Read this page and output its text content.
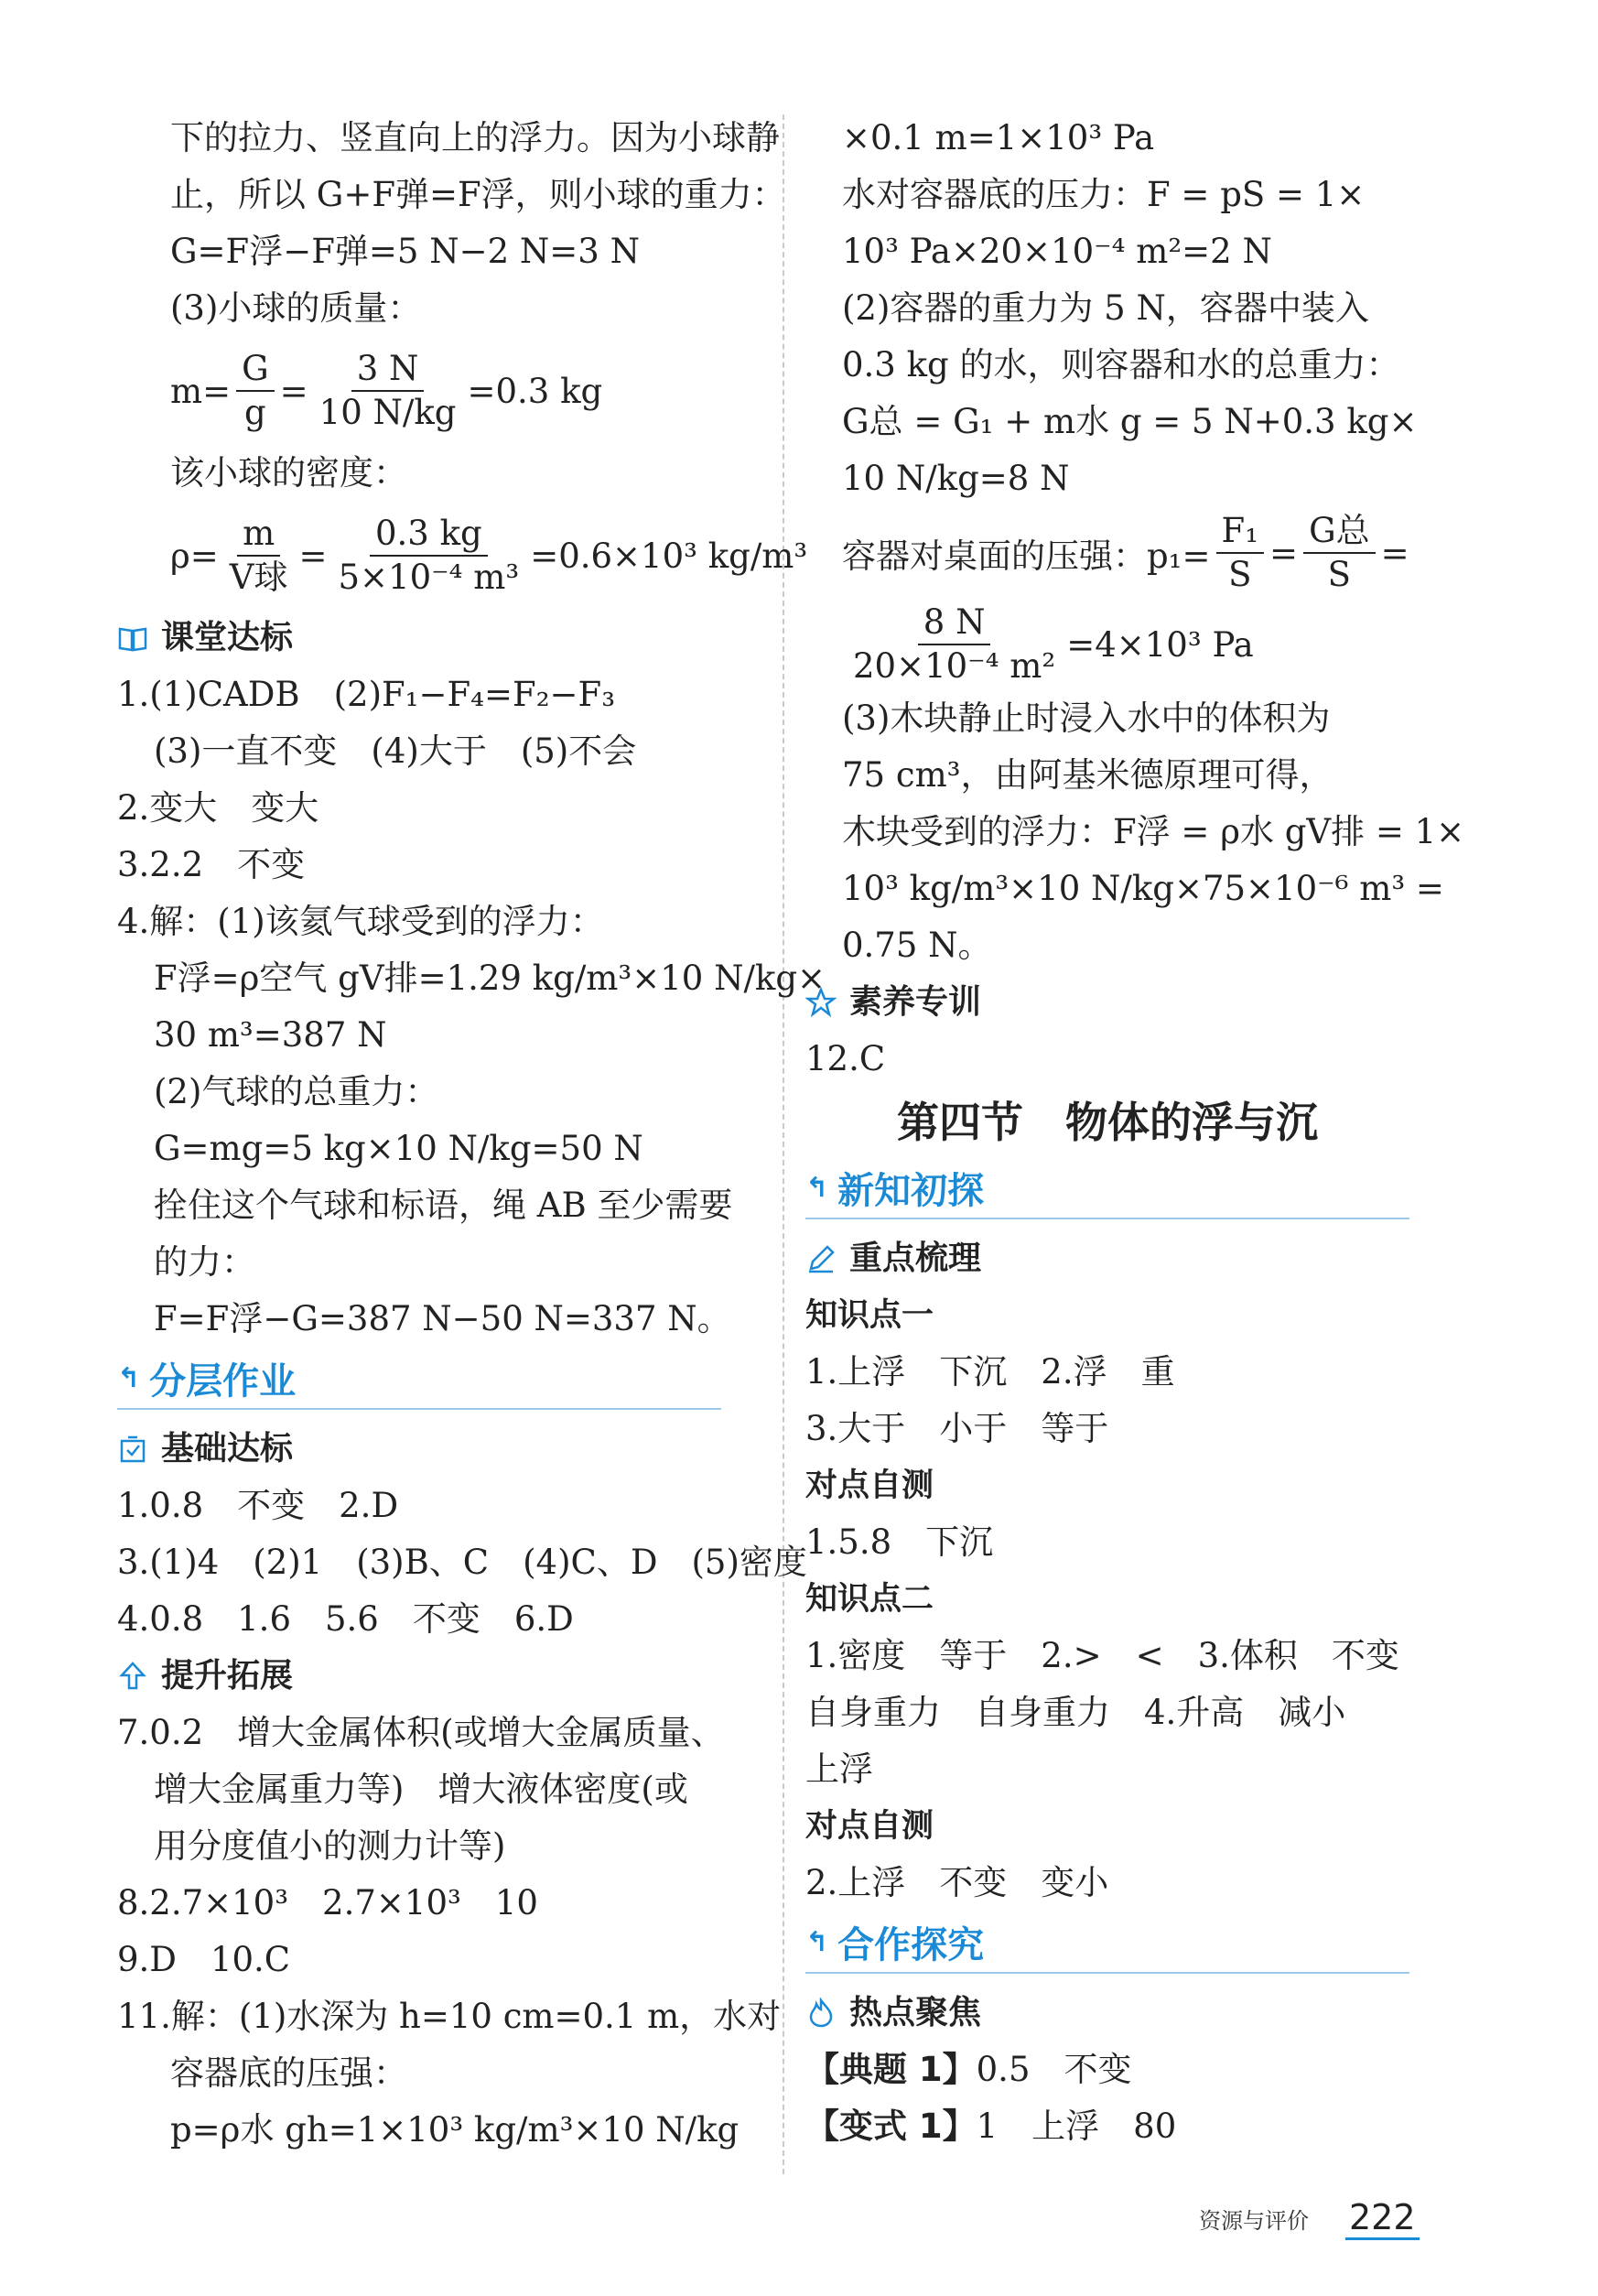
下的拉力、竖直向上的浮力。因为小球静
止，所以 G+F弹=F浮，则小球的重力：
G=F浮−F弹=5 N−2 N=3 N
(3)小球的质量：
$m= \frac{G}{g} = \frac{3 N}{10 N/kg} =0.3$ kg
该小球的密度：
$\rho= \frac{m}{\text{V球}} = \frac{0.3 kg}{\text{5×10⁻⁴ m³}} =0.6\times 10^3$ kg/m³
课堂达标
1.(1)CADB　(2)F₁−F₄=F₂−F₃
(3)一直不变　(4)大于　(5)不会
2.变大　变大
3.2.2　不变
4.解：(1)该氦气球受到的浮力：
F浮=ρ空气 gV排=1.29 kg/m³×10 N/kg×
30 m³=387 N
(2)气球的总重力：
G=mg=5 kg×10 N/kg=50 N
拴住这个气球和标语，绳 AB 至少需要
的力：
F=F浮−G=387 N−50 N=337 N。
↰ 分层作业
基础达标
1.0.8　不变　2.D
3.(1)4　(2)1　(3)B、C　(4)C、D　(5)密度
4.0.8　1.6　5.6　不变　6.D
提升拓展
7.0.2　增大金属体积(或增大金属质量、
增大金属重力等)　增大液体密度(或
用分度值小的测力计等)
8.2.7×10³　2.7×10³　10
9.D　10.C
11.解：(1)水深为 h=10 cm=0.1 m，水对
容器底的压强：
p=ρ水 gh=1×10³ kg/m³×10 N/kg
×0.1 m=1×10³ Pa
水对容器底的压力：F = pS = 1×
10³ Pa×20×10⁻⁴ m²=2 N
(2)容器的重力为 5 N，容器中装入
0.3 kg 的水，则容器和水的总重力：
G总 = G₁ + m水 g = 5 N+0.3 kg×
10 N/kg=8 N
容器对桌面的压强：$p_1= \frac{\text{F₁}}{S} = \frac{\text{G总}}{S}$ =
$\frac{8 N}{\text{20×10⁻⁴ m²}} =4\times 10^3$ Pa
(3)木块静止时浸入水中的体积为
75 cm³，由阿基米德原理可得，
木块受到的浮力：F浮 = ρ水 gV排 = 1×
10³ kg/m³×10 N/kg×75×10⁻⁶ m³ =
0.75 N。
素养专训
12.C
第四节　物体的浮与沉
↰ 新知初探
重点梳理
知识点一
1.上浮　下沉　2.浮　重
3.大于　小于　等于
对点自测
1.5.8　下沉
知识点二
1.密度　等于　2.>　<　3.体积　不变
自身重力　自身重力　4.升高　减小
上浮
对点自测
2.上浮　不变　变小
↰ 合作探究
热点聚焦
【典题 1】0.5　不变
【变式 1】1　上浮　80
资源与评价 222
